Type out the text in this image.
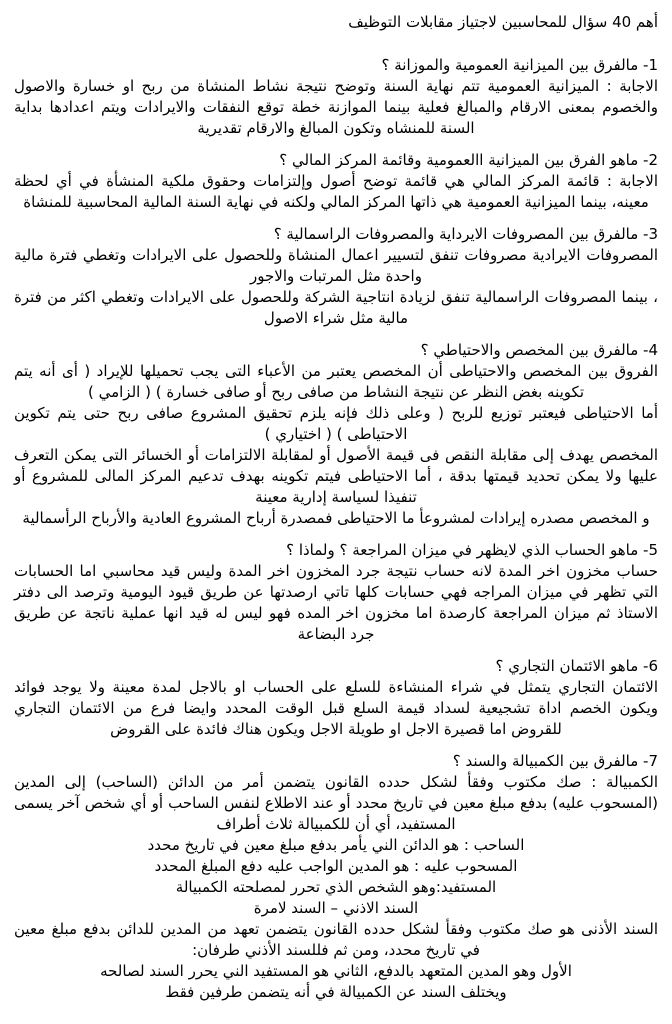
أهم 40 سؤال للمحاسبين لاجتياز مقابلات التوظيف
1- مالفرق بين الميزانية العمومية والموزانة ؟
الاجابة : الميزانية العمومية تتم نهاية السنة وتوضح نتيجة نشاط المنشاة من ربح او خسارة والاصول والخصوم بمعنى الارقام والمبالغ فعلية بينما الموازنة خطة توقع النفقات والايرادات ويتم اعدادها بداية السنة للمنشاه وتكون المبالغ والارقام تقديرية
2- ماهو الفرق بين الميزانية االعمومية وقائمة المركز المالي ؟
الاجابة : قائمة المركز المالي هي قائمة توضح أصول وإلتزامات وحقوق ملكية المنشأة في أي لحظة معينه، بينما الميزانية العمومية هي ذاتها المركز المالي ولكنه في نهاية السنة المالية المحاسبية للمنشاة
3- مالفرق بين المصروفات الايرداية والمصروفات الراسمالية ؟
المصروفات الايرادية مصروفات تنفق لتسيير اعمال المنشاة وللحصول على الايرادات وتغطي فترة مالية واحدة مثل المرتبات والاجور
، بينما المصروفات الراسمالية تنفق لزيادة انتاجية الشركة وللحصول على الايرادات وتغطي اكثر من فترة مالية مثل شراء الاصول
4- مالفرق بين المخصص والاحتياطي ؟
الفروق بين المخصص والاحتياطى أن المخصص يعتبر من الأعباء التى يجب تحميلها للإيراد ( أى أنه يتم تكوينه بغض النظر عن نتيجة النشاط من صافى ربح أو صافى خسارة ) ( الزامي )
أما الاحتياطى فيعتبر توزيع للربح ( وعلى ذلك فإنه يلزم تحقيق المشروع صافى ربح حتى يتم تكوين الاحتياطى ) ( اختياري )
المخصص يهدف إلى مقابلة النقص فى قيمة الأصول أو لمقابلة الالتزامات أو الخسائر التى يمكن التعرف عليها ولا يمكن تحديد قيمتها بدقة ، أما الاحتياطى فيتم تكوينه بهدف تدعيم المركز المالى للمشروع أو تنفيذا لسياسة إدارية معينة
و المخصص مصدره إيرادات لمشروعأ ما الاحتياطى فمصدرة أرباح المشروع العادية والأرباح الرأسمالية
5- ماهو الحساب الذي لايظهر في ميزان المراجعة ؟ ولماذا ؟
حساب مخزون اخر المدة لانه حساب نتيجة جرد المخزون اخر المدة وليس قيد محاسبي اما الحسابات التي تظهر في ميزان المراجه فهي حسابات كلها تاتي ارصدتها عن طريق قيود اليومية وترصد الى دفتر الاستاذ ثم ميزان المراجعة كارصدة اما مخزون اخر المده فهو ليس له قيد انها عملية ناتجة عن طريق جرد البضاعة
6- ماهو الائتمان التجاري ؟
الائتمان التجاري يتمثل في شراء المنشاءة للسلع على الحساب او بالاجل لمدة معينة ولا يوجد فوائد ويكون الخصم اداة تشجيعية لسداد قيمة السلع قبل الوقت المحدد وايضا فرع من الائتمان التجاري للقروض اما قصيرة الاجل او طويلة الاجل ويكون هناك فائدة على القروض
7- مالفرق بين الكمبيالة والسند ؟
الكمبيالة : صك مكتوب وفقأ لشكل حدده القانون يتضمن أمر من الدائن (الساحب) إلى المدين (المسحوب عليه) بدفع مبلغ معين في تاريخ محدد أو عند الاطلاع لنفس الساحب أو أي شخص آخر يسمى المستفيد، أي أن للكمبيالة ثلاث أطراف
الساحب : هو الدائن الني يأمر بدفع مبلغ معين في تاريخ محدد
المسحوب عليه : هو المدين الواجب عليه دفع المبلغ المحدد
المستفيد:وهو الشخص الذي تحرر لمصلحته الكمبيالة
السند الاذني – السند لامرة
السند الأذنى هو صك مكتوب وفقأ لشكل حدده القانون يتضمن تعهد من المدين للدائن بدفع مبلغ معين في تاريخ محدد، ومن ثم فللسند الأذني طرفان:
الأول وهو المدين المتعهد بالدفع، الثاني هو المستفيد الني يحرر السند لصالحه
ويختلف السند عن الكمبيالة في أنه يتضمن طرفين فقط
